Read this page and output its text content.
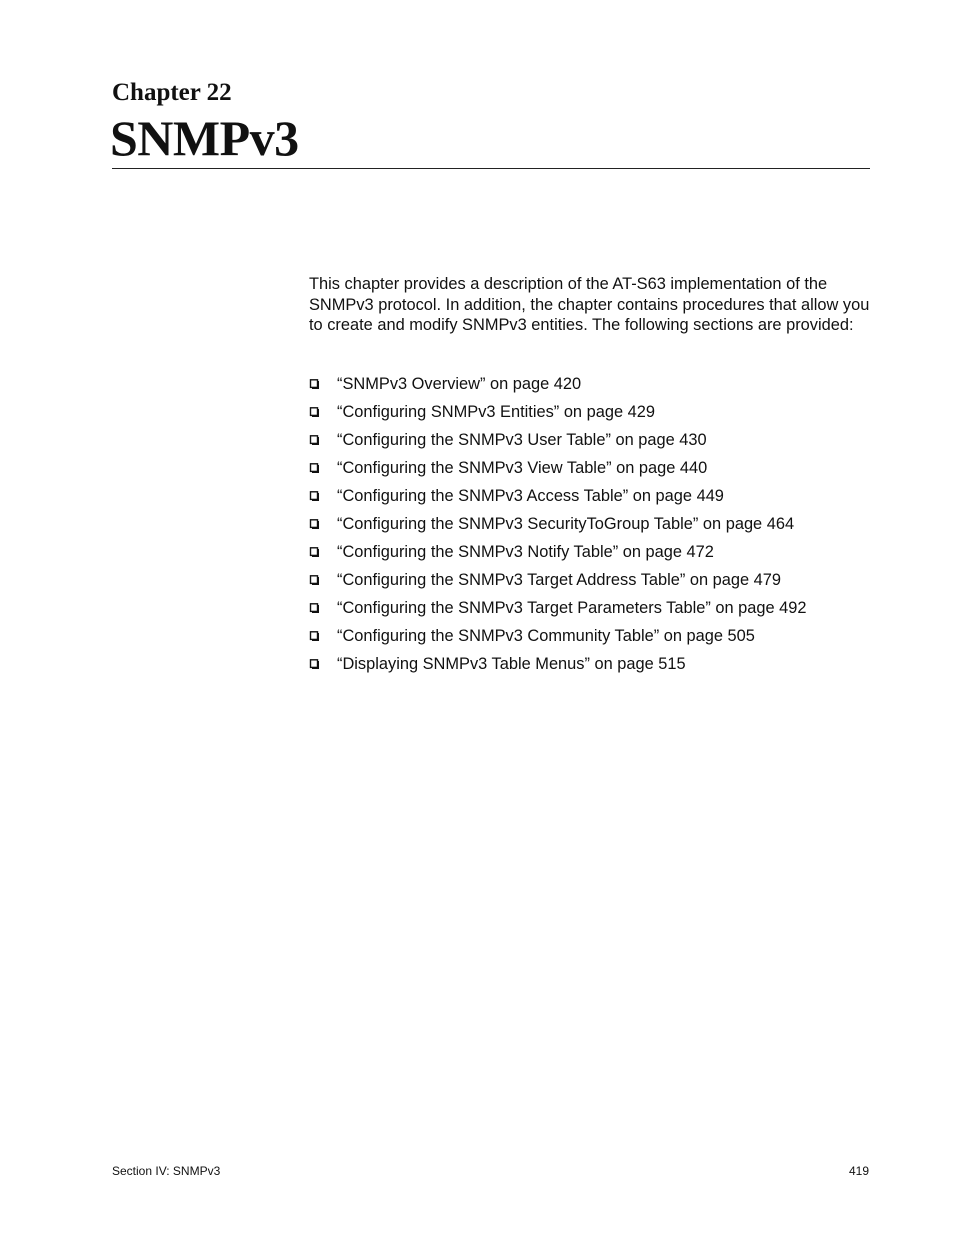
Chapter 22
SNMPv3

This chapter provides a description of the AT-S63 implementation of the SNMPv3 protocol. In addition, the chapter contains procedures that allow you to create and modify SNMPv3 entities. The following sections are provided:

“SNMPv3 Overview” on page 420
“Configuring SNMPv3 Entities” on page 429
“Configuring the SNMPv3 User Table” on page 430
“Configuring the SNMPv3 View Table” on page 440
“Configuring the SNMPv3 Access Table” on page 449
“Configuring the SNMPv3 SecurityToGroup Table” on page 464
“Configuring the SNMPv3 Notify Table” on page 472
“Configuring the SNMPv3 Target Address Table” on page 479
“Configuring the SNMPv3 Target Parameters Table” on page 492
“Configuring the SNMPv3 Community Table” on page 505
“Displaying SNMPv3 Table Menus” on page 515
Section IV: SNMPv3	419
